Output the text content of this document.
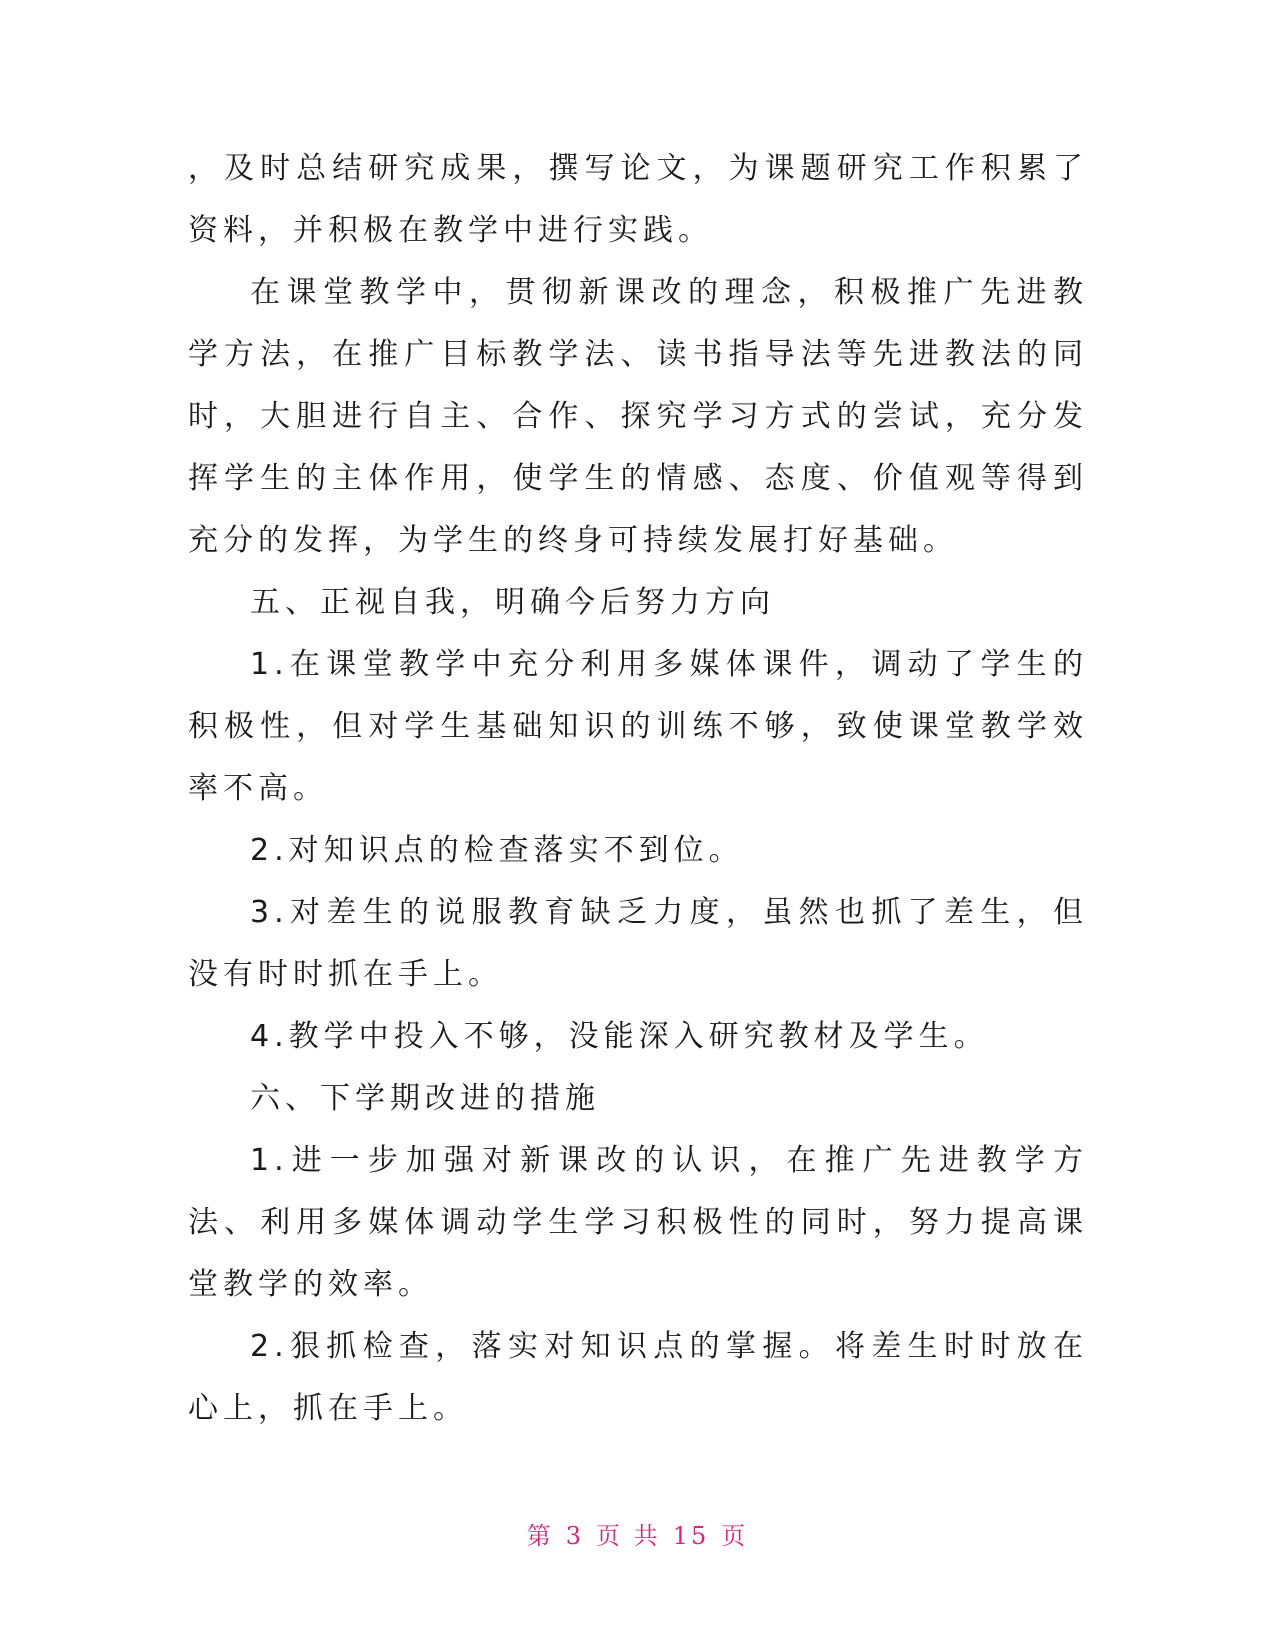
，及时总结研究成果，撰写论文，为课题研究工作积累了资料，并积极在教学中进行实践。

在课堂教学中，贯彻新课改的理念，积极推广先进教学方法，在推广目标教学法、读书指导法等先进教法的同时，大胆进行自主、合作、探究学习方式的尝试，充分发挥学生的主体作用，使学生的情感、态度、价值观等得到充分的发挥，为学生的终身可持续发展打好基础。

五、正视自我，明确今后努力方向

1.在课堂教学中充分利用多媒体课件，调动了学生的积极性，但对学生基础知识的训练不够，致使课堂教学效率不高。

2.对知识点的检查落实不到位。

3.对差生的说服教育缺乏力度，虽然也抓了差生，但没有时时抓在手上。

4.教学中投入不够，没能深入研究教材及学生。

六、下学期改进的措施

1.进一步加强对新课改的认识，在推广先进教学方法、利用多媒体调动学生学习积极性的同时，努力提高课堂教学的效率。

2.狠抓检查，落实对知识点的掌握。将差生时时放在心上，抓在手上。

第 3 页 共 15 页
